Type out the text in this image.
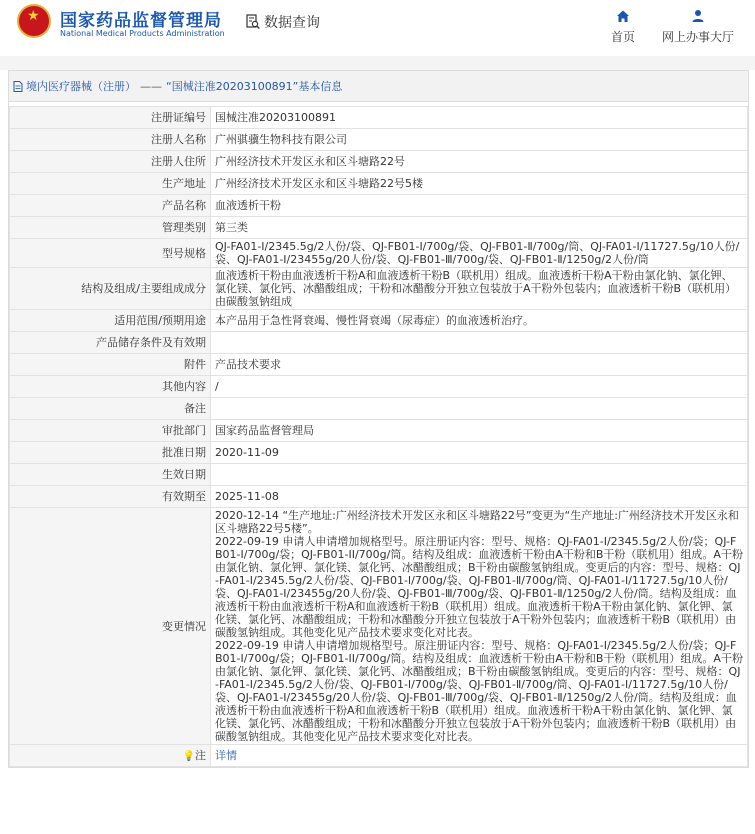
★
国家药品监督管理局
National Medical Products Administration
数据查询
首页 网上办事大厅
境内医疗器械（注册） —— “国械注准20203100891”基本信息
注册证编号	国械注准20203100891
注册人名称	广州骐骥生物科技有限公司
注册人住所	广州经济技术开发区永和区斗塘路22号
生产地址	广州经济技术开发区永和区斗塘路22号5楼
产品名称	血液透析干粉
管理类别	第三类
型号规格	QJ-FA01-Ⅰ/2345.5g/2人份/袋、QJ-FB01-Ⅰ/700g/袋、QJ-FB01-Ⅱ/700g/筒、QJ-FA01-Ⅰ/11727.5g/10人份/袋、QJ-FA01-Ⅰ/23455g/20人份/袋、QJ-FB01-Ⅲ/700g/袋、QJ-FB01-Ⅱ/1250g/2人份/筒
结构及组成/主要组成成分	血液透析干粉由血液透析干粉A和血液透析干粉B（联机用）组成。血液透析干粉A干粉由氯化钠、氯化钾、氯化镁、氯化钙、冰醋酸组成；干粉和冰醋酸分开独立包装放于A干粉外包装内；血液透析干粉B（联机用）由碳酸氢钠组成
适用范围/预期用途	本产品用于急性肾衰竭、慢性肾衰竭（尿毒症）的血液透析治疗。
产品储存条件及有效期	
附件	产品技术要求
其他内容	/
备注	
审批部门	国家药品监督管理局
批准日期	2020-11-09
生效日期	
有效期至	2025-11-08
变更情况	2020-12-14 “生产地址:广州经济技术开发区永和区斗塘路22号”变更为“生产地址:广州经济技术开发区永和区斗塘路22号5楼”。
2022-09-19 申请人申请增加规格型号。原注册证内容：型号、规格：QJ-FA01-I/2345.5g/2人份/袋；QJ-FB01-I/700g/袋；QJ-FB01-II/700g/筒。结构及组成：血液透析干粉由A干粉和B干粉（联机用）组成。A干粉由氯化钠、氯化钾、氯化镁、氯化钙、冰醋酸组成；B干粉由碳酸氢钠组成。变更后的内容：型号、规格：QJ-FA01-Ⅰ/2345.5g/2人份/袋、QJ-FB01-Ⅰ/700g/袋、QJ-FB01-Ⅱ/700g/筒、QJ-FA01-Ⅰ/11727.5g/10人份/袋、QJ-FA01-Ⅰ/23455g/20人份/袋、QJ-FB01-Ⅲ/700g/袋、QJ-FB01-Ⅱ/1250g/2人份/筒。结构及组成：血液透析干粉由血液透析干粉A和血液透析干粉B（联机用）组成。血液透析干粉A干粉由氯化钠、氯化钾、氯化镁、氯化钙、冰醋酸组成；干粉和冰醋酸分开独立包装放于A干粉外包装内；血液透析干粉B（联机用）由碳酸氢钠组成。其他变化见产品技术要求变化对比表。
2022-09-19 申请人申请增加规格型号。原注册证内容：型号、规格：QJ-FA01-I/2345.5g/2人份/袋；QJ-FB01-I/700g/袋；QJ-FB01-II/700g/筒。结构及组成：血液透析干粉由A干粉和B干粉（联机用）组成。A干粉由氯化钠、氯化钾、氯化镁、氯化钙、冰醋酸组成；B干粉由碳酸氢钠组成。变更后的内容：型号、规格：QJ-FA01-Ⅰ/2345.5g/2人份/袋、QJ-FB01-Ⅰ/700g/袋、QJ-FB01-Ⅱ/700g/筒、QJ-FA01-Ⅰ/11727.5g/10人份/袋、QJ-FA01-Ⅰ/23455g/20人份/袋、QJ-FB01-Ⅲ/700g/袋、QJ-FB01-Ⅱ/1250g/2人份/筒。结构及组成：血液透析干粉由血液透析干粉A和血液透析干粉B（联机用）组成。血液透析干粉A干粉由氯化钠、氯化钾、氯化镁、氯化钙、冰醋酸组成；干粉和冰醋酸分开独立包装放于A干粉外包装内；血液透析干粉B（联机用）由碳酸氢钠组成。其他变化见产品技术要求变化对比表。

💡注	详情
